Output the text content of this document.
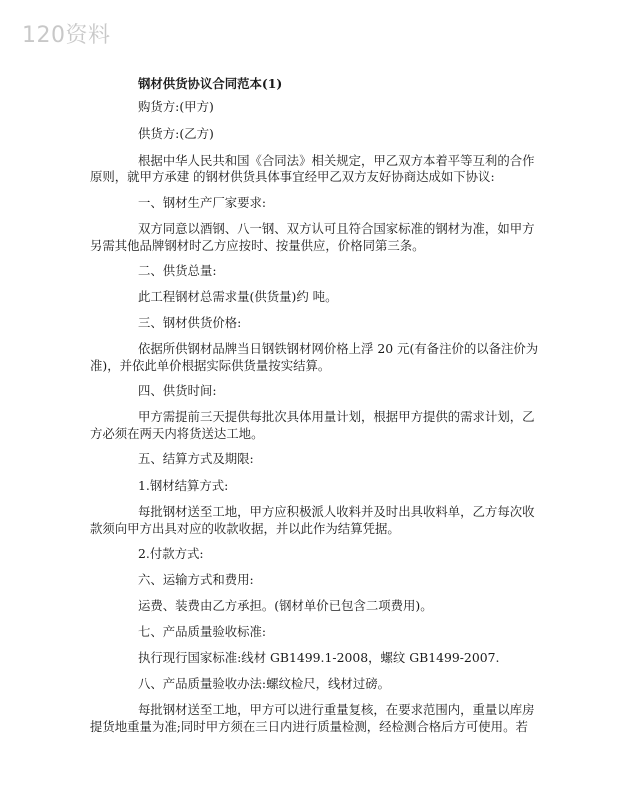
120资料
钢材供货协议合同范本(1)
购货方:(甲方)
供货方:(乙方)
根据中华人民共和国《合同法》相关规定，甲乙双方本着平等互利的合作
原则，就甲方承建 的钢材供货具体事宜经甲乙双方友好协商达成如下协议:
一、钢材生产厂家要求:
双方同意以酒钢、八一钢、双方认可且符合国家标准的钢材为准，如甲方
另需其他品牌钢材时乙方应按时、按量供应，价格同第三条。
二、供货总量:
此工程钢材总需求量(供货量)约 吨。
三、钢材供货价格:
依据所供钢材品牌当日钢铁钢材网价格上浮 20 元(有备注价的以备注价为
准)，并依此单价根据实际供货量按实结算。
四、供货时间:
甲方需提前三天提供每批次具体用量计划，根据甲方提供的需求计划，乙
方必须在两天内将货送达工地。
五、结算方式及期限:
1.钢材结算方式:
每批钢材送至工地，甲方应积极派人收料并及时出具收料单，乙方每次收
款须向甲方出具对应的收款收据，并以此作为结算凭据。
2.付款方式:
六、运输方式和费用:
运费、装费由乙方承担。(钢材单价已包含二项费用)。
七、产品质量验收标准:
执行现行国家标准:线材 GB1499.1-2008，螺纹 GB1499-2007.
八、产品质量验收办法:螺纹检尺，线材过磅。
每批钢材送至工地，甲方可以进行重量复核，在要求范围内，重量以库房
提货地重量为准;同时甲方须在三日内进行质量检测，经检测合格后方可使用。若
